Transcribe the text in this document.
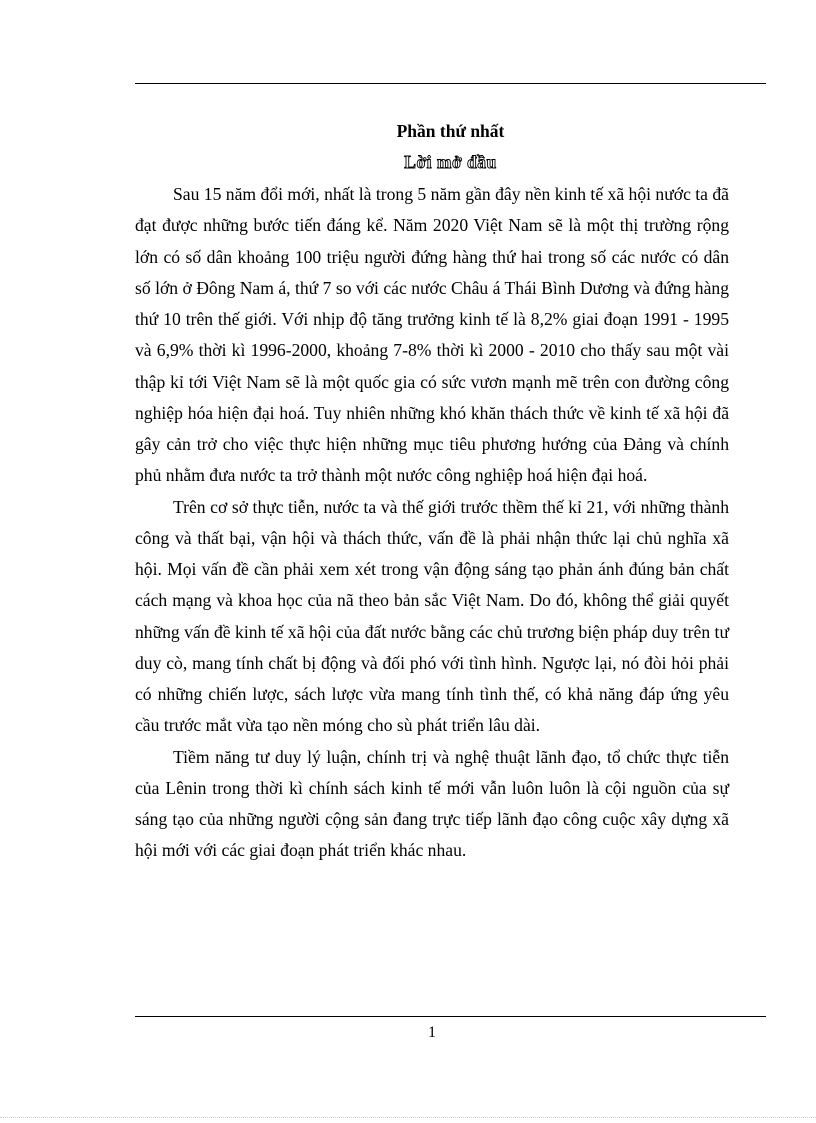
Phần thứ nhất
Lời mở đầu

Sau 15 năm đổi mới, nhất là trong 5 năm gần đây nền kinh tế xã hội nước ta đã đạt được những bước tiến đáng kể. Năm 2020 Việt Nam sẽ là một thị trường rộng lớn có số dân khoảng 100 triệu người đứng hàng thứ hai trong số các nước có dân số lớn ở Đông Nam á, thứ 7 so với các nước Châu á Thái Bình Dương và đứng hàng thứ 10 trên thế giới. Với nhịp độ tăng trưởng kinh tế là 8,2% giai đoạn 1991 - 1995 và 6,9% thời kì 1996-2000, khoảng 7-8% thời kì 2000 - 2010 cho thấy sau một vài thập kỉ tới Việt Nam sẽ là một quốc gia có sức vươn mạnh mẽ trên con đường công nghiệp hóa hiện đại hoá. Tuy nhiên những khó khăn thách thức về kinh tế xã hội đã gây cản trở cho việc thực hiện những mục tiêu phương hướng của Đảng và chính phủ nhằm đưa nước ta trở thành một nước công nghiệp hoá hiện đại hoá.

Trên cơ sở thực tiễn, nước ta và thế giới trước thềm thế kỉ 21, với những thành công và thất bại, vận hội và thách thức, vấn đề là phải nhận thức lại chủ nghĩa xã hội. Mọi vấn đề cần phải xem xét trong vận động sáng tạo phản ánh đúng bản chất cách mạng và khoa học của nã theo bản sắc Việt Nam. Do đó, không thể giải quyết những vấn đề kinh tế xã hội của đất nước bằng các chủ trương biện pháp duy trên tư duy cò, mang tính chất bị động và đối phó với tình hình. Ngược lại, nó đòi hỏi phải có những chiến lược, sách lược vừa mang tính tình thế, có khả năng đáp ứng yêu cầu trước mắt vừa tạo nền móng cho sù phát triển lâu dài.

Tiềm năng tư duy lý luận, chính trị và nghệ thuật lãnh đạo, tổ chức thực tiễn của Lênin trong thời kì chính sách kinh tế mới vẫn luôn luôn là cội nguồn của sự sáng tạo của những người cộng sản đang trực tiếp lãnh đạo công cuộc xây dựng xã hội mới với các giai đoạn phát triển khác nhau.

1
